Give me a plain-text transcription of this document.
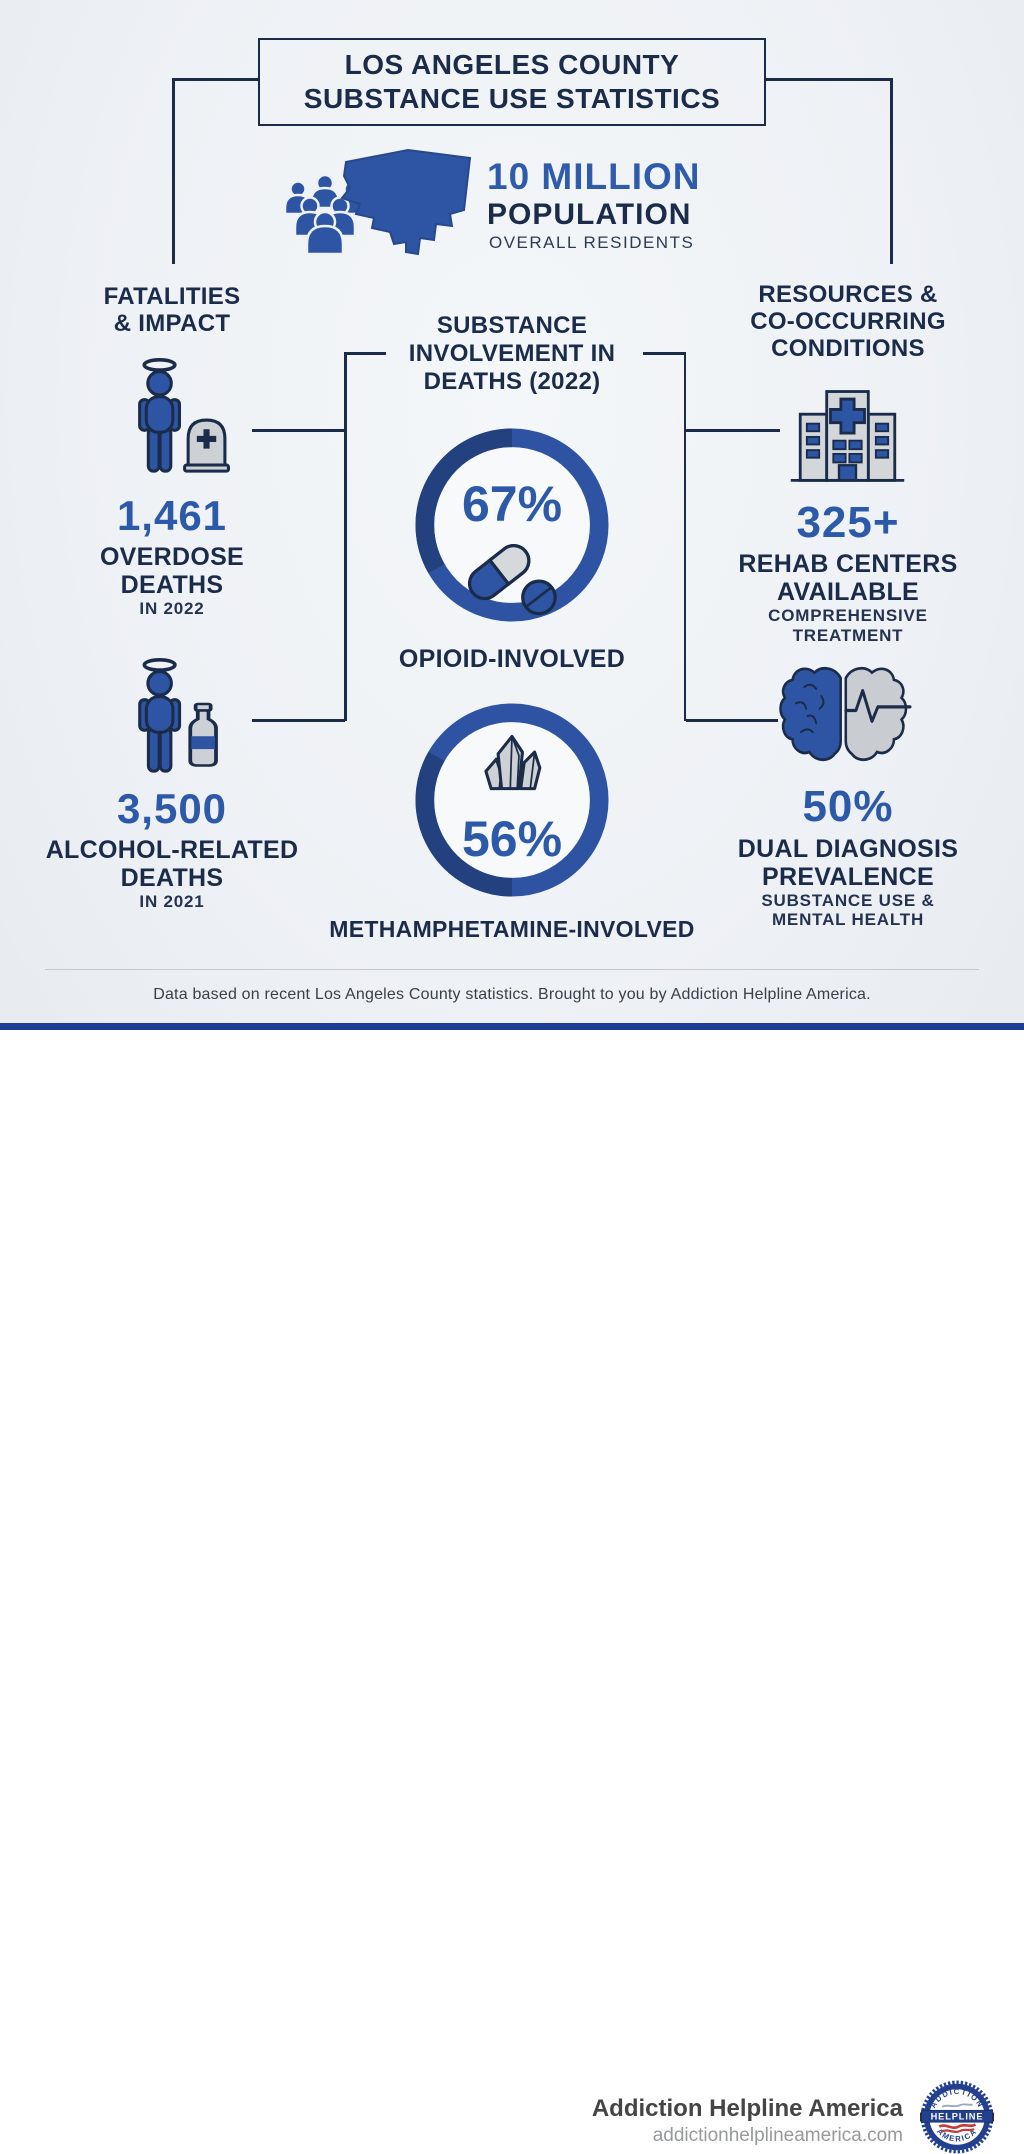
LOS ANGELES COUNTY
SUBSTANCE USE STATISTICS
10 MILLION
POPULATION
OVERALL RESIDENTS
FATALITIES
& IMPACT
1,461
OVERDOSE
DEATHS
IN 2022
3,500
ALCOHOL-RELATED
DEATHS
IN 2021
SUBSTANCE
INVOLVEMENT IN
DEATHS (2022)
67%
OPIOID-INVOLVED
56%
METHAMPHETAMINE-INVOLVED
RESOURCES &
CO-OCCURRING
CONDITIONS
325+
REHAB CENTERS
AVAILABLE
COMPREHENSIVE TREATMENT
50%
DUAL DIAGNOSIS
PREVALENCE
SUBSTANCE USE &
MENTAL HEALTH
Data based on recent Los Angeles County statistics. Brought to you by Addiction Helpline America.
Addiction Helpline America
addictionhelplineamerica.com
ADDICTION
AMERICA
HELPLINE
